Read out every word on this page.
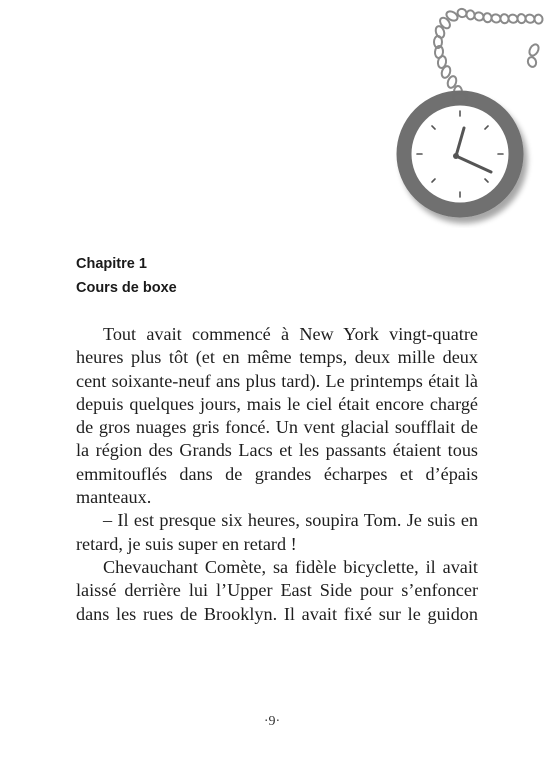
Chapitre 1
Cours de boxe

Tout avait commencé à New York vingt-quatre heures plus tôt (et en même temps, deux mille deux cent soixante-neuf ans plus tard). Le printemps était là depuis quelques jours, mais le ciel était encore chargé de gros nuages gris foncé. Un vent glacial soufflait de la région des Grands Lacs et les passants étaient tous emmitouflés dans de grandes écharpes et d’épais manteaux.

– Il est presque six heures, soupira Tom. Je suis en retard, je suis super en retard !

Chevauchant Comète, sa fidèle bicyclette, il avait laissé derrière lui l’Upper East Side pour s’enfoncer dans les rues de Brooklyn. Il avait fixé sur le guidon

·9·
